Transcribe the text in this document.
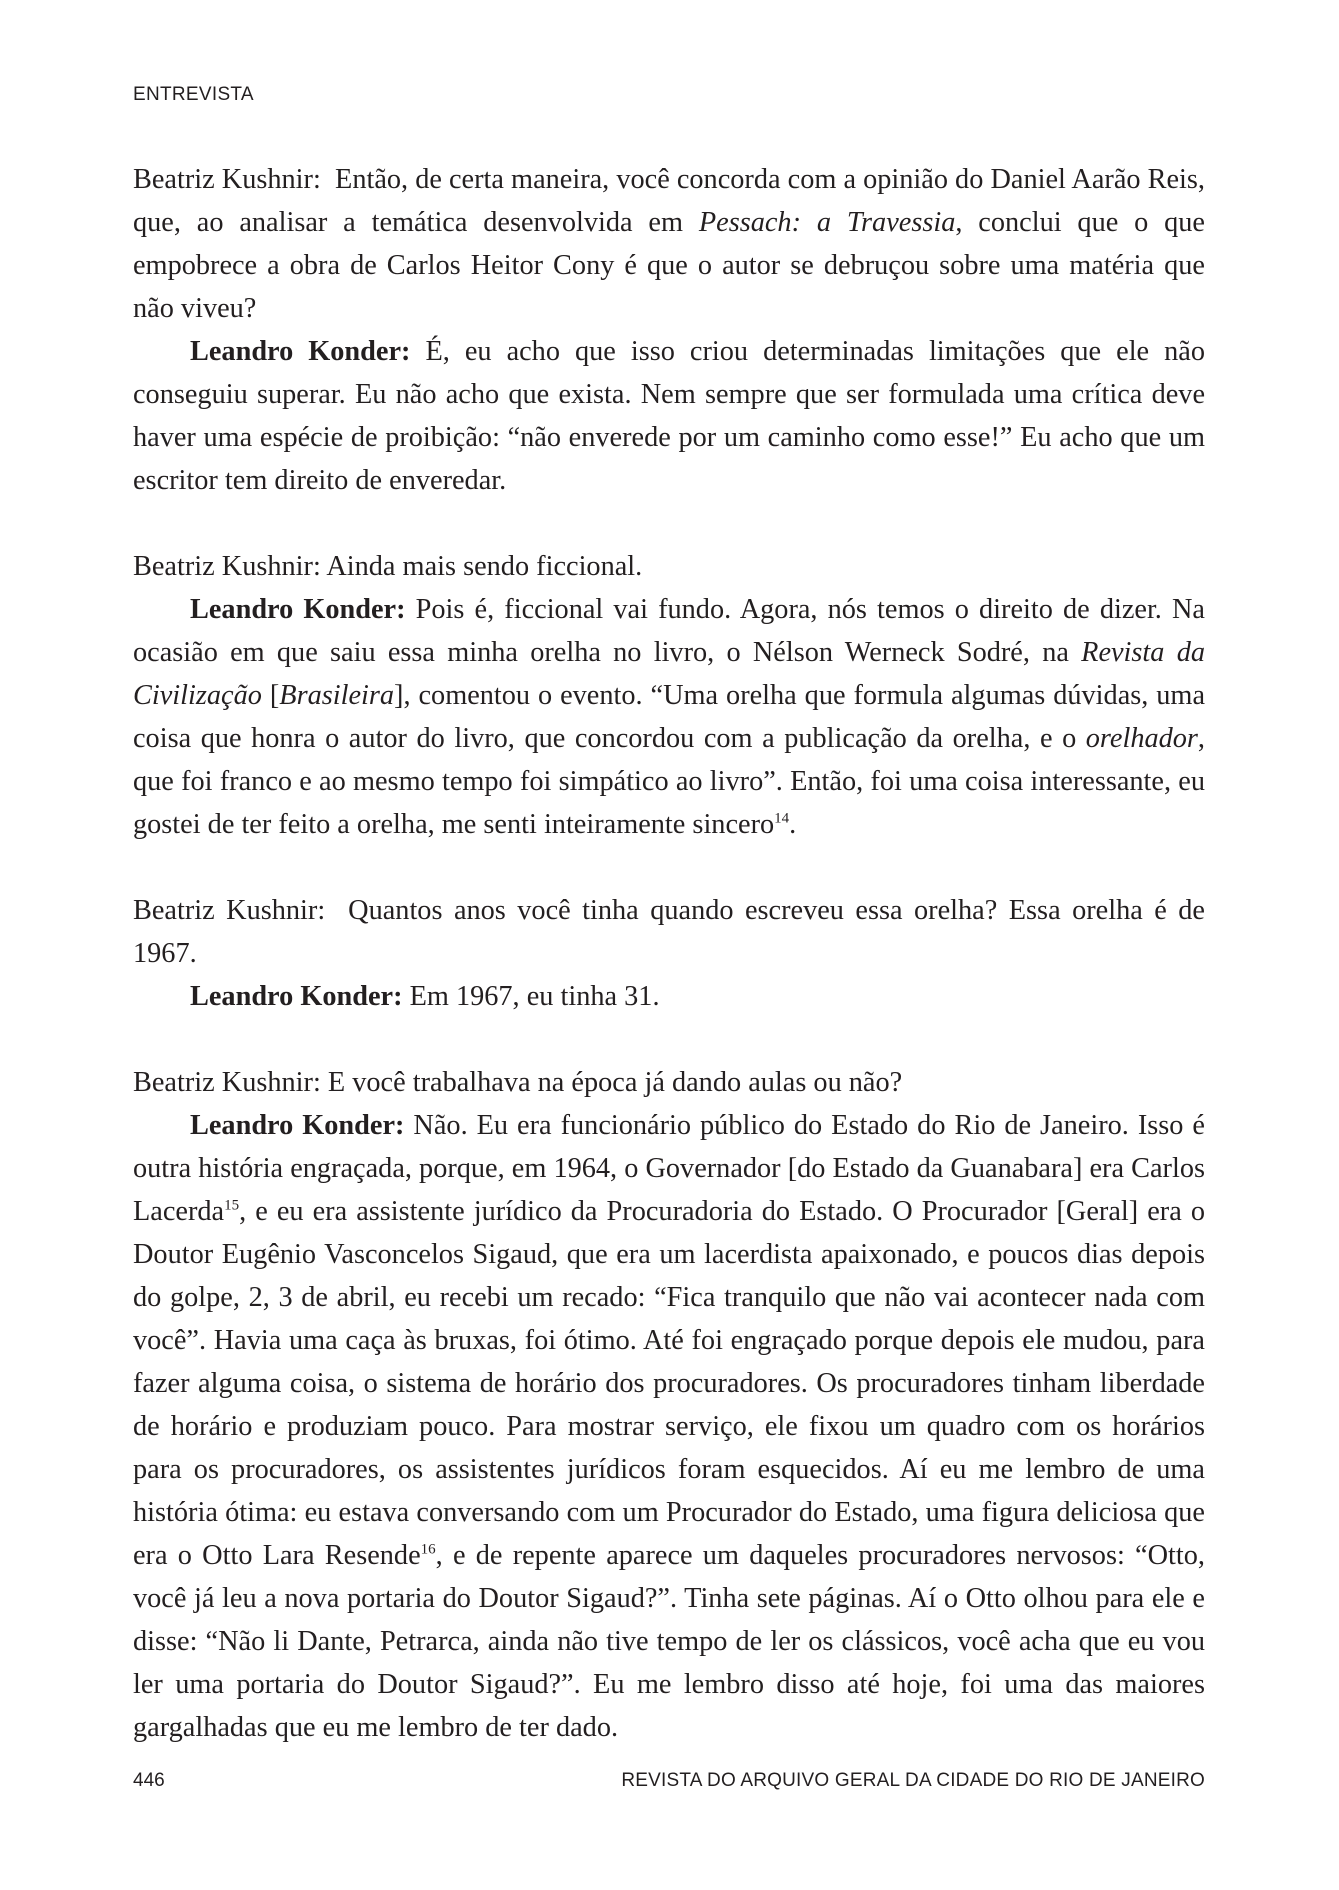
ENTREVISTA

Beatriz Kushnir: Então, de certa maneira, você concorda com a opinião do Daniel Aarão Reis, que, ao analisar a temática desenvolvida em Pessach: a Travessia, conclui que o que empobrece a obra de Carlos Heitor Cony é que o autor se debruçou sobre uma matéria que não viveu?

Leandro Konder: É, eu acho que isso criou determinadas limitações que ele não conseguiu superar. Eu não acho que exista. Nem sempre que ser formulada uma crítica deve haver uma espécie de proibição: “não enverede por um caminho como esse!” Eu acho que um escritor tem direito de enveredar.

Beatriz Kushnir: Ainda mais sendo ficcional.

Leandro Konder: Pois é, ficcional vai fundo. Agora, nós temos o direito de dizer. Na ocasião em que saiu essa minha orelha no livro, o Nélson Werneck Sodré, na Revista da Civilização [Brasileira], comentou o evento. “Uma orelha que formula algumas dúvidas, uma coisa que honra o autor do livro, que concordou com a publicação da orelha, e o orelhador, que foi franco e ao mesmo tempo foi simpático ao livro”. Então, foi uma coisa interessante, eu gostei de ter feito a orelha, me senti inteiramente sincero$^{14}$.

Beatriz Kushnir: Quantos anos você tinha quando escreveu essa orelha? Essa orelha é de 1967.

Leandro Konder: Em 1967, eu tinha 31.

Beatriz Kushnir: E você trabalhava na época já dando aulas ou não?

Leandro Konder: Não. Eu era funcionário público do Estado do Rio de Janeiro. Isso é outra história engraçada, porque, em 1964, o Governador [do Estado da Guanabara] era Carlos Lacerda$^{15}$, e eu era assistente jurídico da Procuradoria do Estado. O Procurador [Geral] era o Doutor Eugênio Vasconcelos Sigaud, que era um lacerdista apaixonado, e poucos dias depois do golpe, 2, 3 de abril, eu recebi um recado: “Fica tranquilo que não vai acontecer nada com você”. Havia uma caça às bruxas, foi ótimo. Até foi engraçado porque depois ele mudou, para fazer alguma coisa, o sistema de horário dos procuradores. Os procuradores tinham liberdade de horário e produziam pouco. Para mostrar serviço, ele fixou um quadro com os horários para os procuradores, os assistentes jurídicos foram esquecidos. Aí eu me lembro de uma história ótima: eu estava conversando com um Procurador do Estado, uma figura deliciosa que era o Otto Lara Resende$^{16}$, e de repente aparece um daqueles procuradores nervosos: “Otto, você já leu a nova portaria do Doutor Sigaud?”. Tinha sete páginas. Aí o Otto olhou para ele e disse: “Não li Dante, Petrarca, ainda não tive tempo de ler os clássicos, você acha que eu vou ler uma portaria do Doutor Sigaud?”. Eu me lembro disso até hoje, foi uma das maiores gargalhadas que eu me lembro de ter dado.

446	REVISTA DO ARQUIVO GERAL DA CIDADE DO RIO DE JANEIRO
